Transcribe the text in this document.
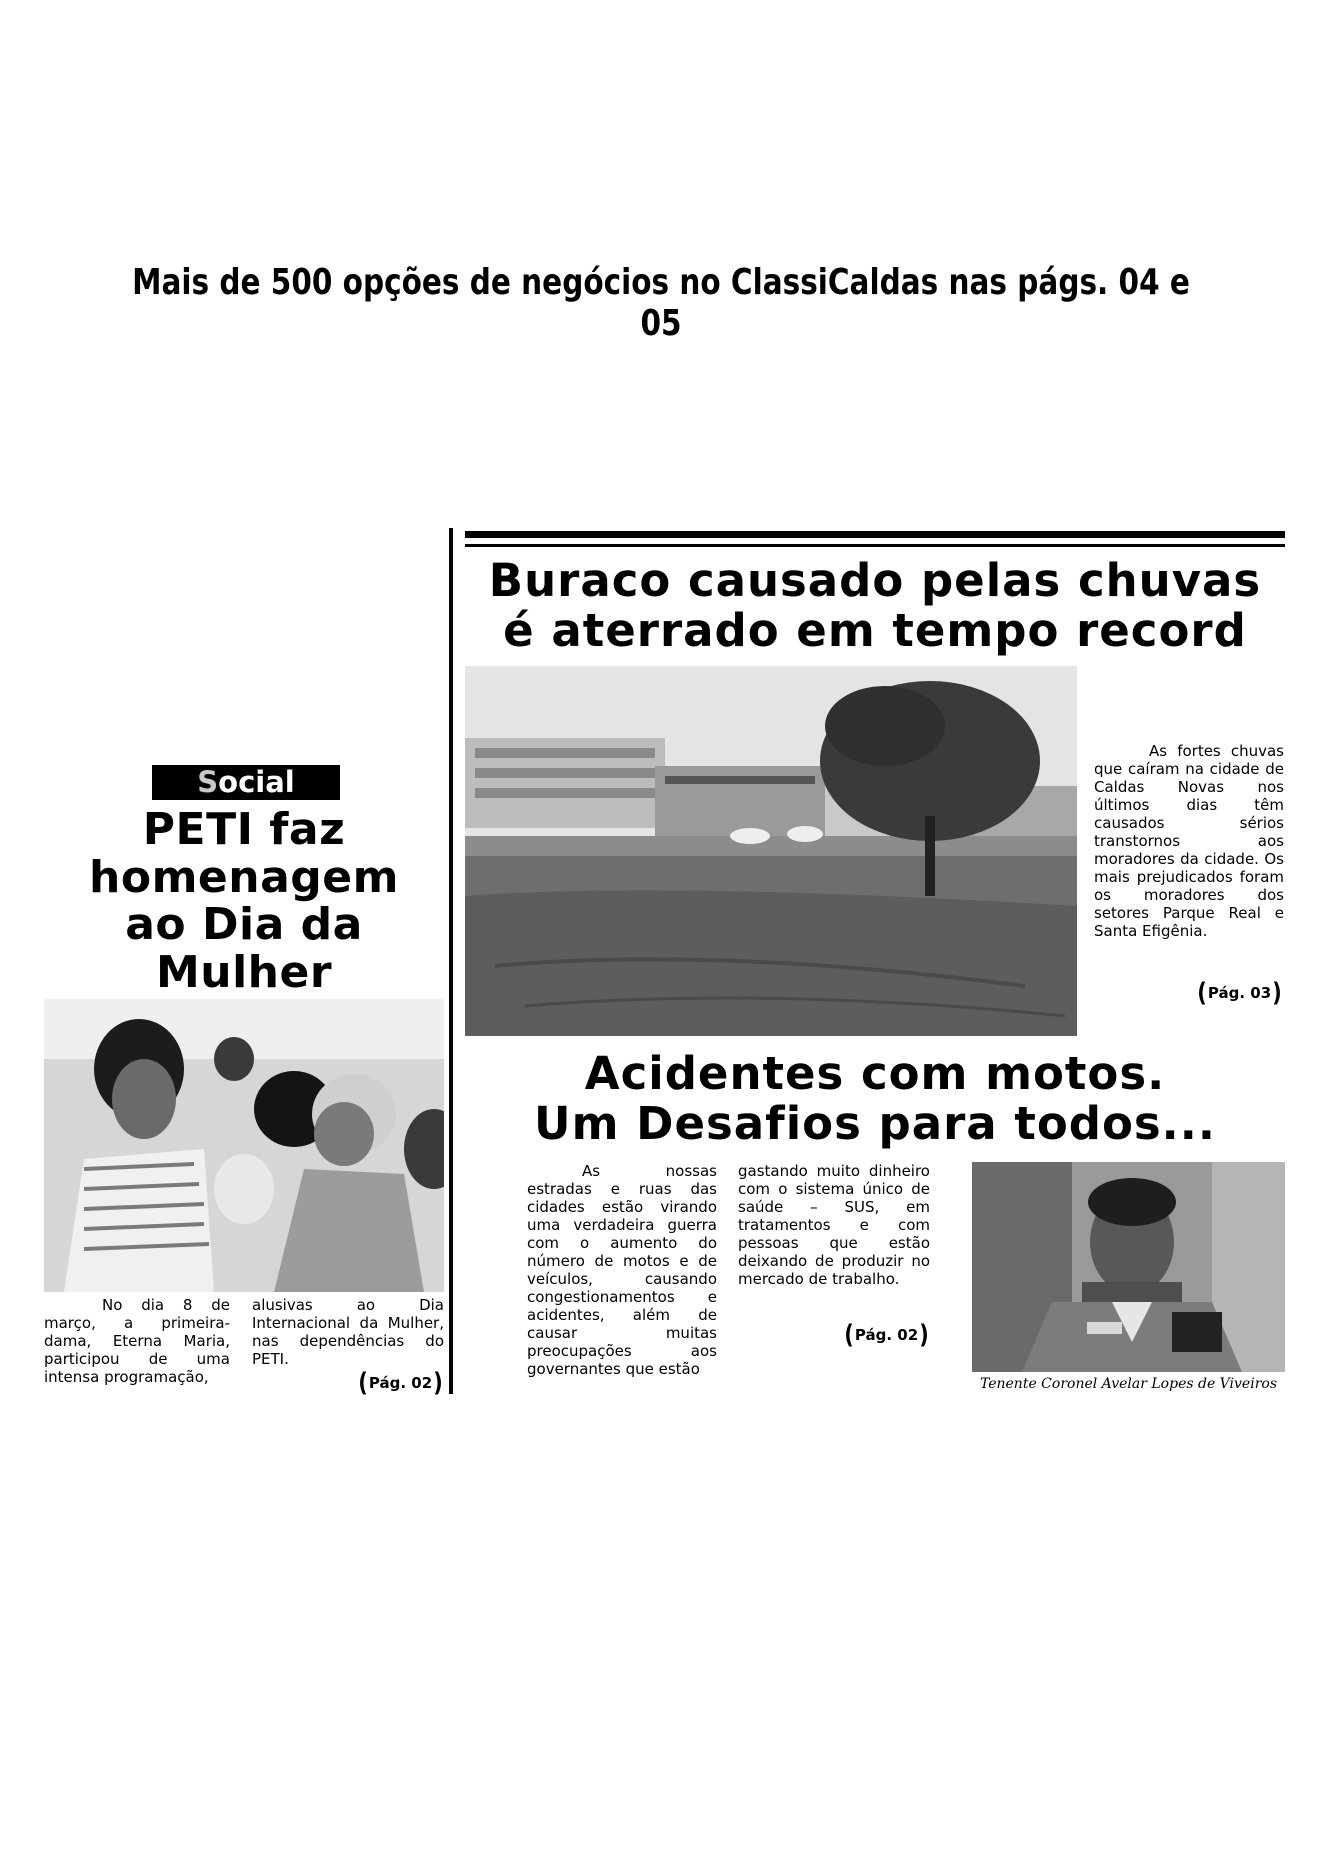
Mais de 500 opções de negócios no ClassiCaldas nas págs. 04 e 05
Buraco causado pelas chuvas
é aterrado em tempo record
As fortes chuvas que caíram na cidade de Caldas Novas nos últimos dias têm causados sérios transtornos aos moradores da cidade. Os mais prejudicados foram os moradores dos setores Parque Real e Santa Efigênia.
( Pág. 03 )
Acidentes com motos.
Um Desafios para todos...
As nossas estradas e ruas das cidades estão virando uma verdadeira guerra com o aumento do número de motos e de veículos, causando congestionamentos e acidentes, além de causar muitas preocupações aos governantes que estão
gastando muito dinheiro com o sistema único de saúde – SUS, em tratamentos e com pessoas que estão deixando de produzir no mercado de trabalho.
( Pág. 02 )
Tenente Coronel Avelar Lopes de Viveiros
Social
PETI faz
homenagem
ao Dia da
Mulher
No dia 8 de março, a primeira-dama, Eterna Maria, participou de uma intensa programação,
alusivas ao Dia Internacional da Mulher, nas dependências do PETI.
( Pág. 02 )
